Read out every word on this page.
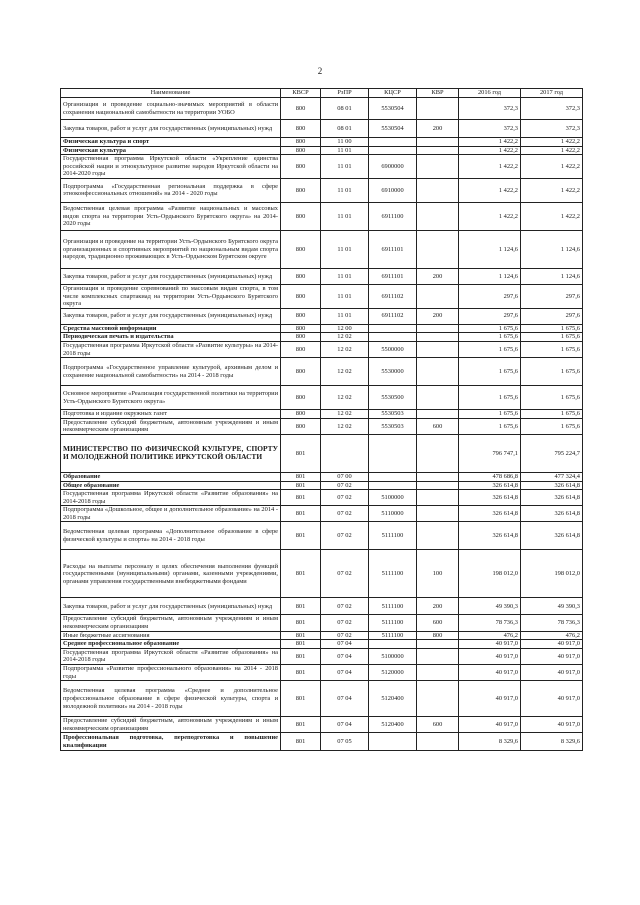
2
Наименование	КВСР	РзПР	КЦСР	КВР	2016 год	2017 год
Организация и проведение социально-значимых мероприятий в области сохранения национальной самобытности на территории УОБО	800	08 01	5530504		372,3	372,3
Закупка товаров, работ и услуг для государственных (муниципальных) нужд	800	08 01	5530504	200	372,3	372,3
Физическая культура и спорт	800	11 00			1 422,2	1 422,2
Физическая культура	800	11 01			1 422,2	1 422,2
Государственная программа Иркутской области «Укрепление единства российской нации и этнокультурное развитие народов Иркутской области на 2014-2020 годы	800	11 01	6900000		1 422,2	1 422,2
Подпрограмма «Государственная региональная поддержка в сфере этноконфессиональных отношений» на 2014 - 2020 годы	800	11 01	6910000		1 422,2	1 422,2
Ведомственная целевая программа «Развитие национальных и массовых видов спорта на территории Усть-Ордынского Бурятского округа» на 2014-2020 годы	800	11 01	6911100		1 422,2	1 422,2
Организация и проведение на территории Усть-Ордынского Бурятского округа организационных и спортивных мероприятий по национальным видам спорта народов, традиционно проживающих в Усть-Ордынском Бурятском округе	800	11 01	6911101		1 124,6	1 124,6
Закупка товаров, работ и услуг для государственных (муниципальных) нужд	800	11 01	6911101	200	1 124,6	1 124,6
Организация и проведение соревнований по массовым видам спорта, в том числе комплексных спартакиад на территории Усть-Ордынского Бурятского округа	800	11 01	6911102		297,6	297,6
Закупка товаров, работ и услуг для государственных (муниципальных) нужд	800	11 01	6911102	200	297,6	297,6
Средства массовой информации	800	12 00			1 675,6	1 675,6
Периодическая печать и издательства	800	12 02			1 675,6	1 675,6
Государственная программа Иркутской области «Развитие культуры» на 2014-2018 годы	800	12 02	5500000		1 675,6	1 675,6
Подпрограмма «Государственное управление культурой, архивным делом и сохранение национальной самобытности» на 2014 - 2018 годы	800	12 02	5530000		1 675,6	1 675,6
Основное мероприятие «Реализация государственной политики на территории Усть-Ордынского Бурятского округа»	800	12 02	5530500		1 675,6	1 675,6
Подготовка и издание окружных газет	800	12 02	5530503		1 675,6	1 675,6
Предоставление субсидий бюджетным, автономным учреждениям и иным некоммерческим организациям	800	12 02	5530503	600	1 675,6	1 675,6
МИНИСТЕРСТВО ПО ФИЗИЧЕСКОЙ КУЛЬТУРЕ, СПОРТУ И МОЛОДЕЖНОЙ ПОЛИТИКЕ ИРКУТСКОЙ ОБЛАСТИ	801				796 747,1	795 224,7
Образование	801	07 00			478 686,8	477 324,4
Общее образование	801	07 02			326 614,8	326 614,8
Государственная программа Иркутской области «Развитие образования» на 2014-2018 годы	801	07 02	5100000		326 614,8	326 614,8
Подпрограмма «Дошкольное, общее и дополнительное образование» на 2014 - 2018 годы	801	07 02	5110000		326 614,8	326 614,8
Ведомственная целевая программа «Дополнительное образование в сфере физической культуры и спорта» на 2014 - 2018 годы	801	07 02	5111100		326 614,8	326 614,8
Расходы на выплаты персоналу в целях обеспечения выполнения функций государственными (муниципальными) органами, казенными учреждениями, органами управления государственными внебюджетными фондами	801	07 02	5111100	100	198 012,0	198 012,0
Закупка товаров, работ и услуг для государственных (муниципальных) нужд	801	07 02	5111100	200	49 390,3	49 390,3
Предоставление субсидий бюджетным, автономным учреждениям и иным некоммерческим организациям	801	07 02	5111100	600	78 736,3	78 736,3
Иные бюджетные ассигнования	801	07 02	5111100	800	476,2	476,2
Среднее профессиональное образование	801	07 04			40 917,0	40 917,0
Государственная программа Иркутской области «Развитие образования» на 2014-2018 годы	801	07 04	5100000		40 917,0	40 917,0
Подпрограмма «Развитие профессионального образования» на 2014 - 2018 годы	801	07 04	5120000		40 917,0	40 917,0
Ведомственная целевая программа «Среднее и дополнительное профессиональное образование в сфере физической культуры, спорта и молодежной политики» на 2014 - 2018 годы	801	07 04	5120400		40 917,0	40 917,0
Предоставление субсидий бюджетным, автономным учреждениям и иным некоммерческим организациям	801	07 04	5120400	600	40 917,0	40 917,0
Профессиональная подготовка, переподготовка и повышение квалификации	801	07 05			8 329,6	8 329,6
